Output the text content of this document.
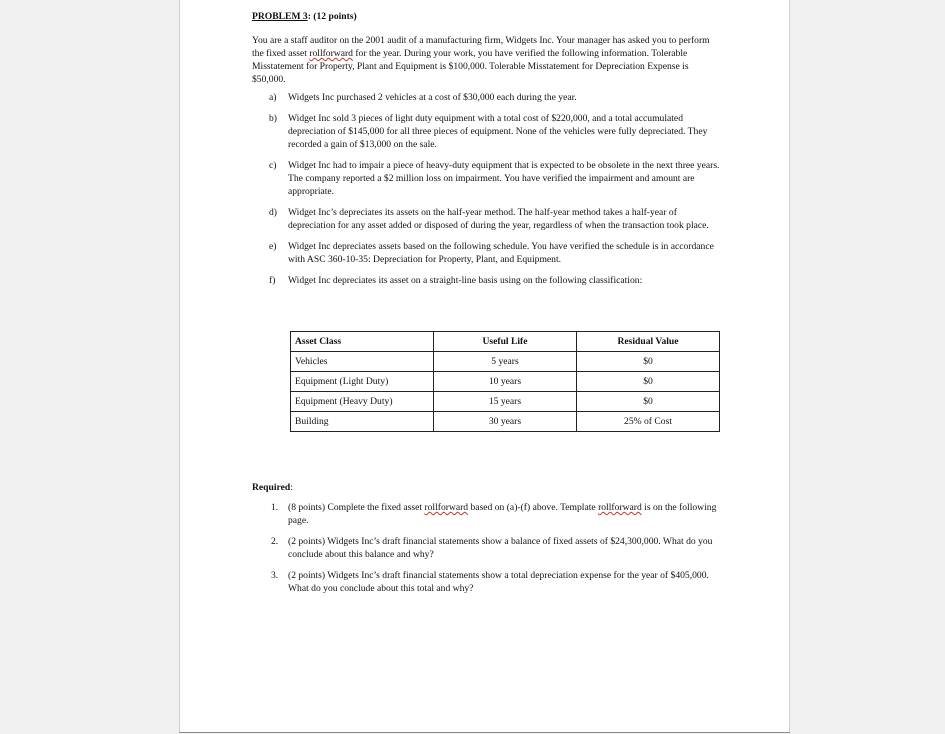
PROBLEM 3: (12 points)

You are a staff auditor on the 2001 audit of a manufacturing firm, Widgets Inc. Your manager has asked you to perform the fixed asset rollforward for the year. During your work, you have verified the following information. Tolerable Misstatement for Property, Plant and Equipment is $100,000. Tolerable Misstatement for Depreciation Expense is $50,000.

a) Widgets Inc purchased 2 vehicles at a cost of $30,000 each during the year.
b) Widget Inc sold 3 pieces of light duty equipment with a total cost of $220,000, and a total accumulated depreciation of $145,000 for all three pieces of equipment. None of the vehicles were fully depreciated. They recorded a gain of $13,000 on the sale.
c) Widget Inc had to impair a piece of heavy-duty equipment that is expected to be obsolete in the next three years. The company reported a $2 million loss on impairment. You have verified the impairment and amount are appropriate.
d) Widget Inc’s depreciates its assets on the half-year method. The half-year method takes a half-year of depreciation for any asset added or disposed of during the year, regardless of when the transaction took place.
e) Widget Inc depreciates assets based on the following schedule. You have verified the schedule is in accordance with ASC 360-10-35: Depreciation for Property, Plant, and Equipment.
f) Widget Inc depreciates its asset on a straight-line basis using on the following classification:
Asset Class	Useful Life	Residual Value
Vehicles	5 years	$0
Equipment (Light Duty)	10 years	$0
Equipment (Heavy Duty)	15 years	$0
Building	30 years	25% of Cost
Required:
1. (8 points) Complete the fixed asset rollforward based on (a)-(f) above. Template rollforward is on the following page.
2. (2 points) Widgets Inc’s draft financial statements show a balance of fixed assets of $24,300,000. What do you conclude about this balance and why?
3. (2 points) Widgets Inc’s draft financial statements show a total depreciation expense for the year of $405,000. What do you conclude about this total and why?
